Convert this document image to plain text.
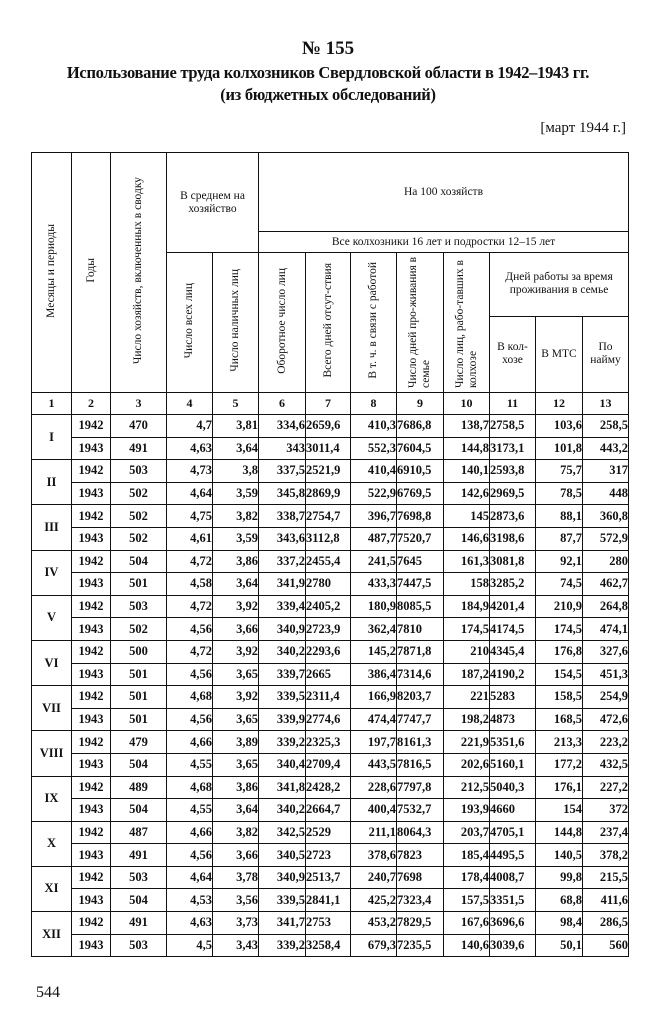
№ 155
Использование труда колхозников Свердловской области в 1942–1943 гг.
(из бюджетных обследований)
[март 1944 г.]
Месяцы и периоды	Годы	Число хозяйств, включенных в сводку	В среднем на хозяйство		На 100 хозяйств							
					Все колхозники 16 лет и подростки 12–15 лет							
			Число всех лиц	Число наличных лиц	Оборотное число лиц	Всего дней отсут-ствия	В т. ч. в связи с работой	Число дней про-живания в семье	Число лиц, рабо-тавших в колхозе	Дней работы за время проживания в семье		
										В кол-хозе	В МТС	По найму
1	2	3	4	5	6	7	8	9	10	11	12	13
I	1942	470	4,7	3,81	334,6	2659,6	410,3	7686,8	138,7	2758,5	103,6	258,5
	1943	491	4,63	3,64	343	3011,4	552,3	7604,5	144,8	3173,1	101,8	443,2
II	1942	503	4,73	3,8	337,5	2521,9	410,4	6910,5	140,1	2593,8	75,7	317
	1943	502	4,64	3,59	345,8	2869,9	522,9	6769,5	142,6	2969,5	78,5	448
III	1942	502	4,75	3,82	338,7	2754,7	396,7	7698,8	145	2873,6	88,1	360,8
	1943	502	4,61	3,59	343,6	3112,8	487,7	7520,7	146,6	3198,6	87,7	572,9
IV	1942	504	4,72	3,86	337,2	2455,4	241,5	7645	161,3	3081,8	92,1	280
	1943	501	4,58	3,64	341,9	2780	433,3	7447,5	158	3285,2	74,5	462,7
V	1942	503	4,72	3,92	339,4	2405,2	180,9	8085,5	184,9	4201,4	210,9	264,8
	1943	502	4,56	3,66	340,9	2723,9	362,4	7810	174,5	4174,5	174,5	474,1
VI	1942	500	4,72	3,92	340,2	2293,6	145,2	7871,8	210	4345,4	176,8	327,6
	1943	501	4,56	3,65	339,7	2665	386,4	7314,6	187,2	4190,2	154,5	451,3
VII	1942	501	4,68	3,92	339,5	2311,4	166,9	8203,7	221	5283	158,5	254,9
	1943	501	4,56	3,65	339,9	2774,6	474,4	7747,7	198,2	4873	168,5	472,6
VIII	1942	479	4,66	3,89	339,2	2325,3	197,7	8161,3	221,9	5351,6	213,3	223,2
	1943	504	4,55	3,65	340,4	2709,4	443,5	7816,5	202,6	5160,1	177,2	432,5
IX	1942	489	4,68	3,86	341,8	2428,2	228,6	7797,8	212,5	5040,3	176,1	227,2
	1943	504	4,55	3,64	340,2	2664,7	400,4	7532,7	193,9	4660	154	372
X	1942	487	4,66	3,82	342,5	2529	211,1	8064,3	203,7	4705,1	144,8	237,4
	1943	491	4,56	3,66	340,5	2723	378,6	7823	185,4	4495,5	140,5	378,2
XI	1942	503	4,64	3,78	340,9	2513,7	240,7	7698	178,4	4008,7	99,8	215,5
	1943	504	4,53	3,56	339,5	2841,1	425,2	7323,4	157,5	3351,5	68,8	411,6
XII	1942	491	4,63	3,73	341,7	2753	453,2	7829,5	167,6	3696,6	98,4	286,5
	1943	503	4,5	3,43	339,2	3258,4	679,3	7235,5	140,6	3039,6	50,1	560
544
